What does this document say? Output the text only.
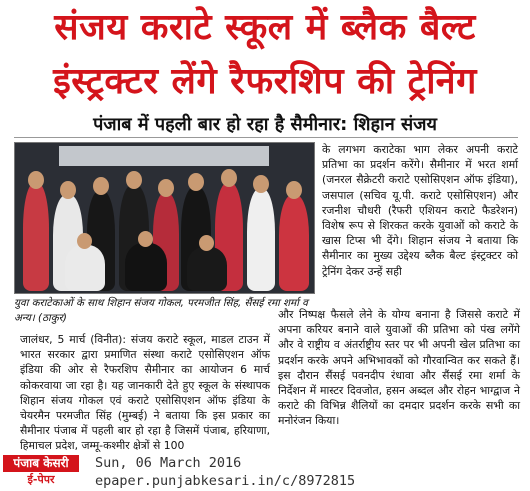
संजय कराटे स्कूल में ब्लैक बैल्ट
इंस्ट्रक्टर लेंगे रैफरशिप की ट्रेनिंग
पंजाब में पहली बार हो रहा है सैमीनार: शिहान संजय
युवा कराटेकाओं के साथ शिहान संजय गोकल, परमजीत सिंह, सैंसई रमा शर्मा व अन्य। (ठाकुर)
जालंधर, 5 मार्च (विनीत): संजय कराटे स्कूल, माडल टाउन में भारत सरकार द्वारा प्रमाणित संस्था कराटे एसोसिएशन ऑफ इंडिया की ओर से रैफरशिप सैमीनार का आयोजन 6 मार्च कोकरवाया जा रहा है। यह जानकारी देते हुए स्कूल के संस्थापक शिहान संजय गोकल एवं कराटे एसोसिएशन ऑफ इंडिया के चेयरमैन परमजीत सिंह (मुम्बई) ने बताया कि इस प्रकार का सैमीनार पंजाब में पहली बार हो रहा है जिसमें पंजाब, हरियाणा, हिमाचल प्रदेश, जम्मू-कश्मीर क्षेत्रों से 100
के लगभग कराटेका भाग लेकर अपनी कराटे प्रतिभा का प्रदर्शन करेंगे। सैमीनार में भरत शर्मा (जनरल सैक्रेटरी कराटे एसोसिएशन ऑफ इंडिया), जसपाल (सचिव यू.पी. कराटे एसोसिएशन) और रजनीश चौधरी (रैफरी एशियन कराटे फैडरेशन) विशेष रूप से शिरकत करके युवाओं को कराटे के खास टिप्स भी देंगे। शिहान संजय ने बताया कि सैमीनार का मुख्य उद्देश्य ब्लैक बैल्ट इंस्ट्रक्टर को ट्रेनिंग देकर उन्हें सही
और निष्पक्ष फैसले लेने के योग्य बनाना है जिससे कराटे में अपना करियर बनाने वाले युवाओं की प्रतिभा को पंख लगेंगे और वे राष्ट्रीय व अंतर्राष्ट्रीय स्तर पर भी अपनी खेल प्रतिभा का प्रदर्शन करके अपने अभिभावकों को गौरवान्वित कर सकते हैं। इस दौरान सैंसई पवनदीप रंधावा और सैंसई रमा शर्मा के निर्देशन में मास्टर दिवजोत, हसन अब्दल और रोहन भाग्द्वाज ने कराटे की विभिन्न शैलियों का दमदार प्रदर्शन करके सभी का मनोरंजन किया।
पंजाब केसरी
ई-पेपर
Sun, 06 March 2016
epaper.punjabkesari.in/c/8972815
